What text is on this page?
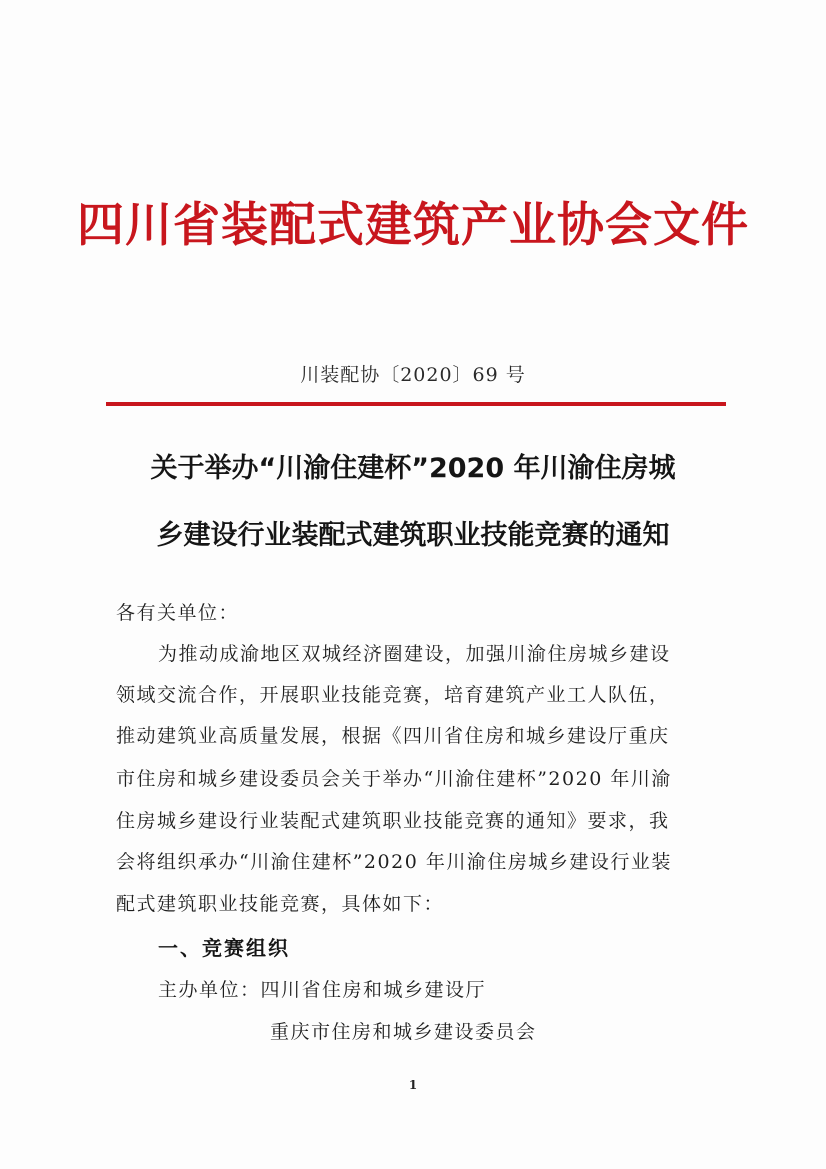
四川省装配式建筑产业协会文件
川装配协〔2020〕69 号
关于举办“川渝住建杯”2020 年川渝住房城
乡建设行业装配式建筑职业技能竞赛的通知
各有关单位：
为推动成渝地区双城经济圈建设，加强川渝住房城乡建设
领域交流合作，开展职业技能竞赛，培育建筑产业工人队伍，
推动建筑业高质量发展，根据《四川省住房和城乡建设厅重庆
市住房和城乡建设委员会关于举办“川渝住建杯”2020 年川渝
住房城乡建设行业装配式建筑职业技能竞赛的通知》要求，我
会将组织承办“川渝住建杯”2020 年川渝住房城乡建设行业装
配式建筑职业技能竞赛，具体如下：
一、竞赛组织
主办单位：四川省住房和城乡建设厅
重庆市住房和城乡建设委员会
1
